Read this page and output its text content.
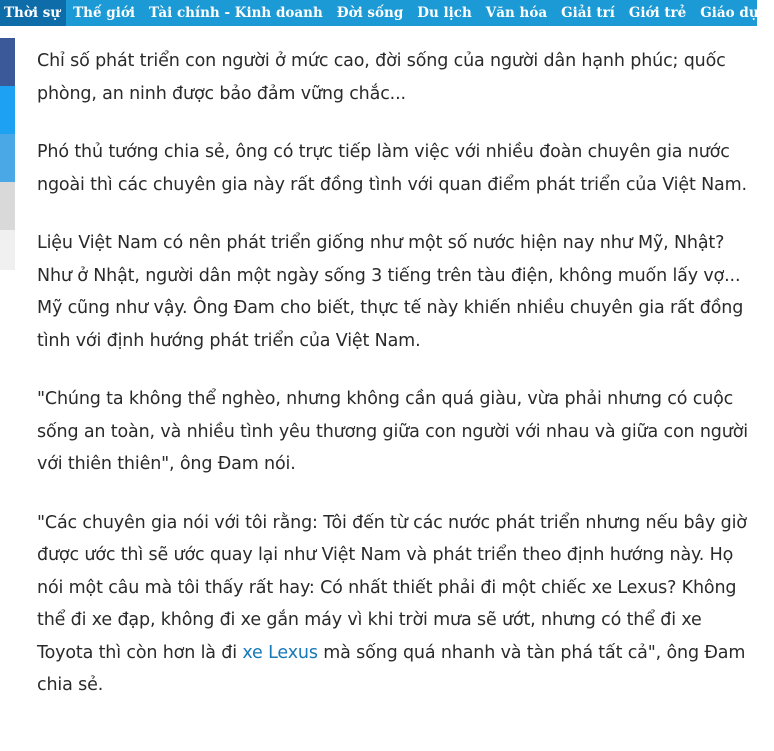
Thời sự Thế giới	Tài chính - Kinh doanh	Đời sống	Du lịch	Văn hóa	Giải trí	Giới trẻ	Giáo dục

Chỉ số phát triển con người ở mức cao, đời sống của người dân hạnh phúc; quốc phòng, an ninh được bảo đảm vững chắc...

Phó thủ tướng chia sẻ, ông có trực tiếp làm việc với nhiều đoàn chuyên gia nước ngoài thì các chuyên gia này rất đồng tình với quan điểm phát triển của Việt Nam.

Liệu Việt Nam có nên phát triển giống như một số nước hiện nay như Mỹ, Nhật? Như ở Nhật, người dân một ngày sống 3 tiếng trên tàu điện, không muốn lấy vợ... Mỹ cũng như vậy. Ông Đam cho biết, thực tế này khiến nhiều chuyên gia rất đồng tình với định hướng phát triển của Việt Nam.

"Chúng ta không thể nghèo, nhưng không cần quá giàu, vừa phải nhưng có cuộc sống an toàn, và nhiều tình yêu thương giữa con người với nhau và giữa con người với thiên thiên", ông Đam nói.

"Các chuyên gia nói với tôi rằng: Tôi đến từ các nước phát triển nhưng nếu bây giờ được ước thì sẽ ước quay lại như Việt Nam và phát triển theo định hướng này. Họ nói một câu mà tôi thấy rất hay: Có nhất thiết phải đi một chiếc xe Lexus? Không thể đi xe đạp, không đi xe gắn máy vì khi trời mưa sẽ ướt, nhưng có thể đi xe Toyota thì còn hơn là đi xe Lexus mà sống quá nhanh và tàn phá tất cả", ông Đam chia sẻ.
